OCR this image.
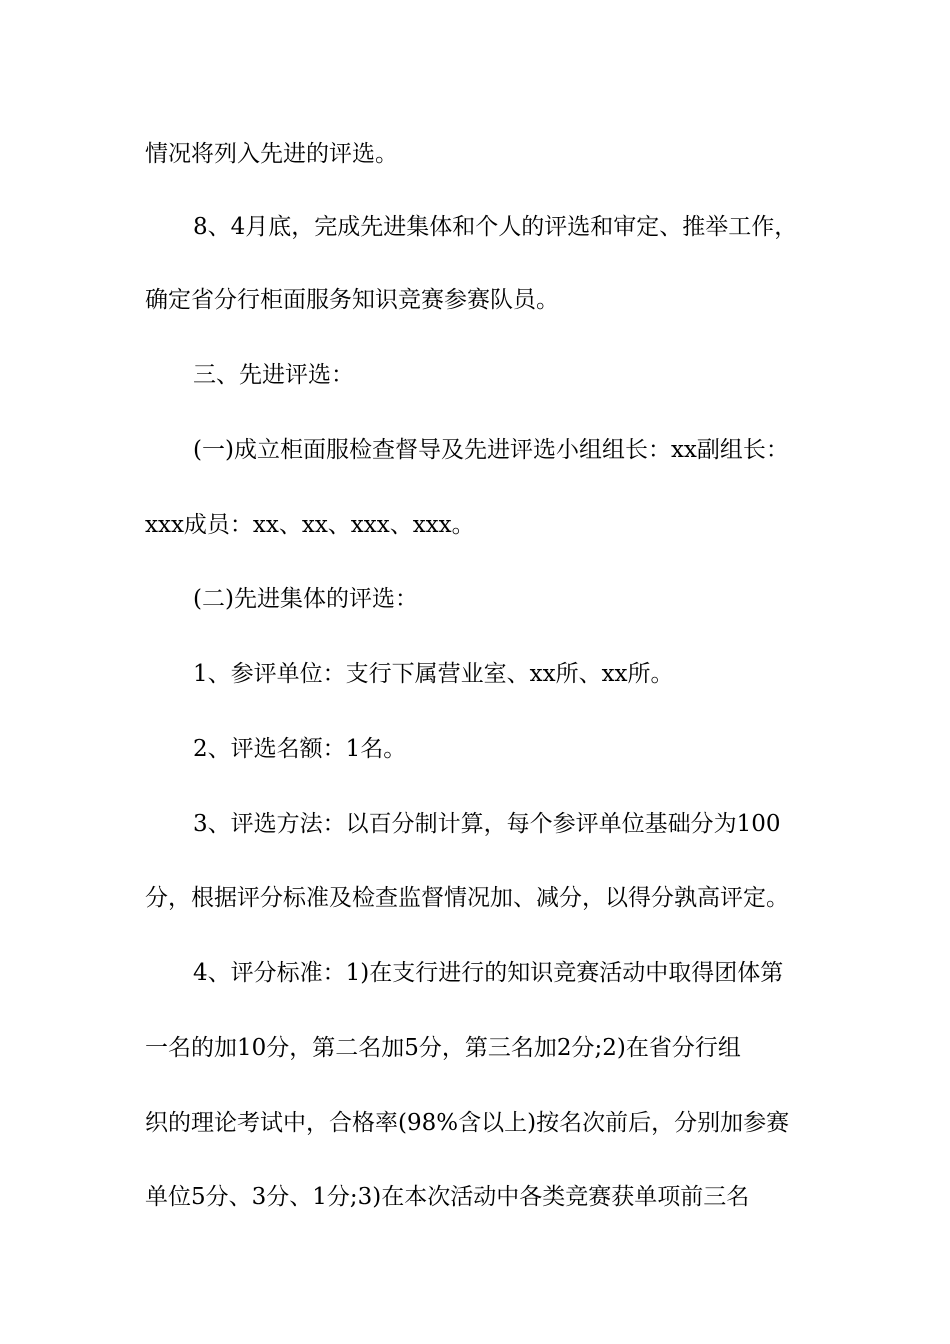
情况将列入先进的评选。
8、4月底，完成先进集体和个人的评选和审定、推举工作，
确定省分行柜面服务知识竞赛参赛队员。
三、先进评选：
(一)成立柜面服检查督导及先进评选小组组长：xx副组长：
xxx成员：xx、xx、xxx、xxx。
(二)先进集体的评选：
1、参评单位：支行下属营业室、xx所、xx所。
2、评选名额：1名。
3、评选方法：以百分制计算，每个参评单位基础分为100
分，根据评分标准及检查监督情况加、减分，以得分孰高评定。
4、评分标准：1)在支行进行的知识竞赛活动中取得团体第
一名的加10分，第二名加5分，第三名加2分;2)在省分行组
织的理论考试中，合格率(98%含以上)按名次前后，分别加参赛
单位5分、3分、1分;3)在本次活动中各类竞赛获单项前三名
